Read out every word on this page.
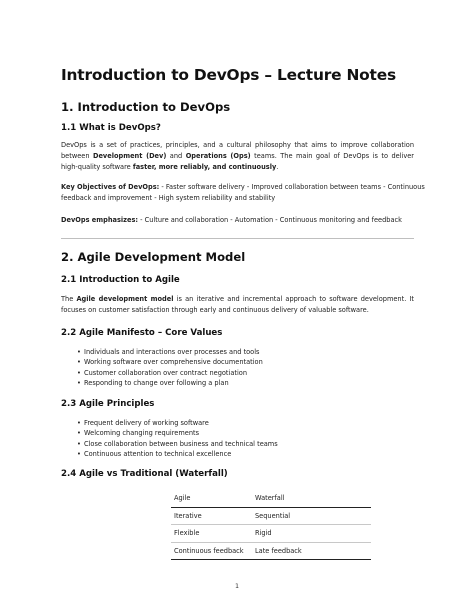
Introduction to DevOps – Lecture Notes
1. Introduction to DevOps
1.1 What is DevOps?
DevOps is a set of practices, principles, and a cultural philosophy that aims to improve collaboration
between Development (Dev) and Operations (Ops) teams. The main goal of DevOps is to deliver
high-quality software faster, more reliably, and continuously.
Key Objectives of DevOps: - Faster software delivery - Improved collaboration between teams - Continuous
feedback and improvement - High system reliability and stability
DevOps emphasizes: - Culture and collaboration - Automation - Continuous monitoring and feedback
2. Agile Development Model
2.1 Introduction to Agile
The Agile development model is an iterative and incremental approach to software development. It
focuses on customer satisfaction through early and continuous delivery of valuable software.
2.2 Agile Manifesto – Core Values
• Individuals and interactions over processes and tools
• Working software over comprehensive documentation
• Customer collaboration over contract negotiation
• Responding to change over following a plan
2.3 Agile Principles
• Frequent delivery of working software
• Welcoming changing requirements
• Close collaboration between business and technical teams
• Continuous attention to technical excellence
2.4 Agile vs Traditional (Waterfall)
Agile	Waterfall
Iterative	Sequential
Flexible	Rigid
Continuous feedback	Late feedback
1
